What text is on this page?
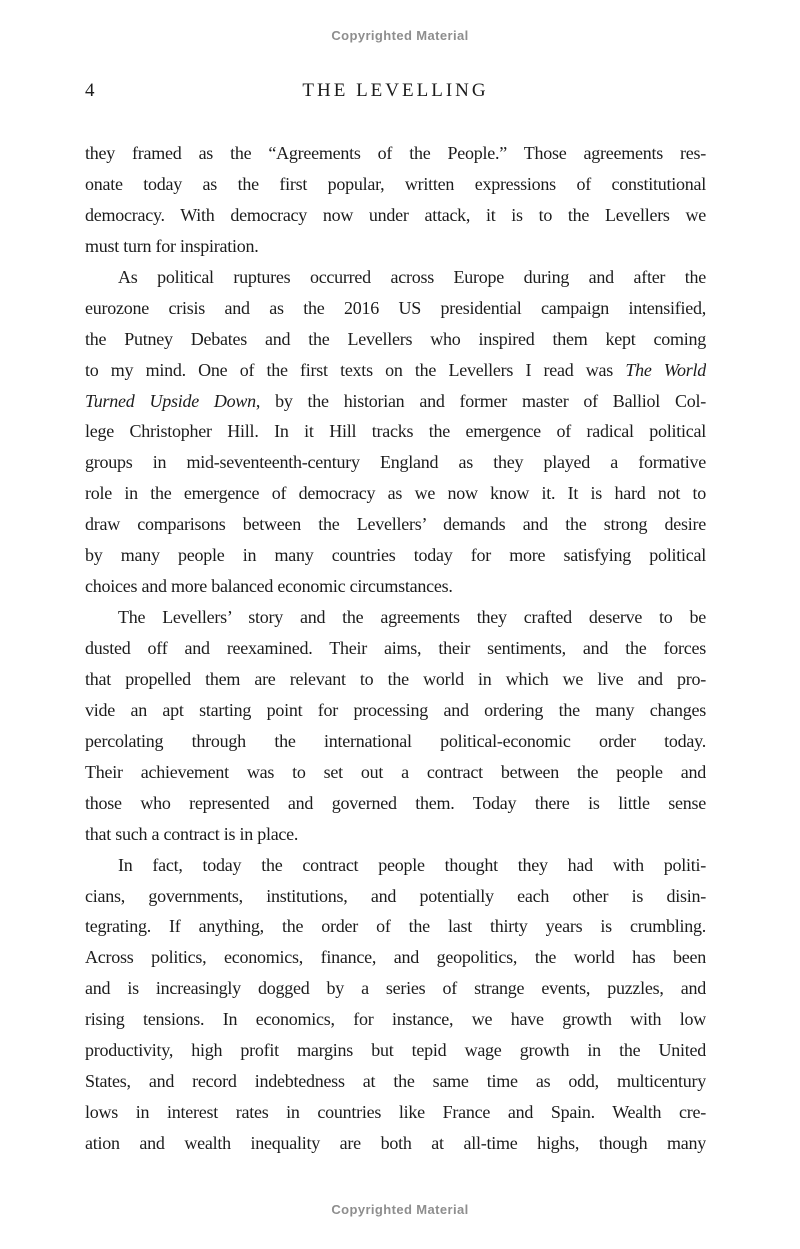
Copyrighted Material
4	THE LEVELLING
they framed as the “Agreements of the People.” Those agreements res-
onate today as the first popular, written expressions of constitutional
democracy. With democracy now under attack, it is to the Levellers we
must turn for inspiration.
As political ruptures occurred across Europe during and after the
eurozone crisis and as the 2016 US presidential campaign intensified,
the Putney Debates and the Levellers who inspired them kept coming
to my mind. One of the first texts on the Levellers I read was The World
Turned Upside Down, by the historian and former master of Balliol Col-
lege Christopher Hill. In it Hill tracks the emergence of radical political
groups in mid-seventeenth-century England as they played a formative
role in the emergence of democracy as we now know it. It is hard not to
draw comparisons between the Levellers’ demands and the strong desire
by many people in many countries today for more satisfying political
choices and more balanced economic circumstances.
The Levellers’ story and the agreements they crafted deserve to be
dusted off and reexamined. Their aims, their sentiments, and the forces
that propelled them are relevant to the world in which we live and pro-
vide an apt starting point for processing and ordering the many changes
percolating through the international political-economic order today.
Their achievement was to set out a contract between the people and
those who represented and governed them. Today there is little sense
that such a contract is in place.
In fact, today the contract people thought they had with politi-
cians, governments, institutions, and potentially each other is disin-
tegrating. If anything, the order of the last thirty years is crumbling.
Across politics, economics, finance, and geopolitics, the world has been
and is increasingly dogged by a series of strange events, puzzles, and
rising tensions. In economics, for instance, we have growth with low
productivity, high profit margins but tepid wage growth in the United
States, and record indebtedness at the same time as odd, multicentury
lows in interest rates in countries like France and Spain. Wealth cre-
ation and wealth inequality are both at all-time highs, though many
Copyrighted Material
